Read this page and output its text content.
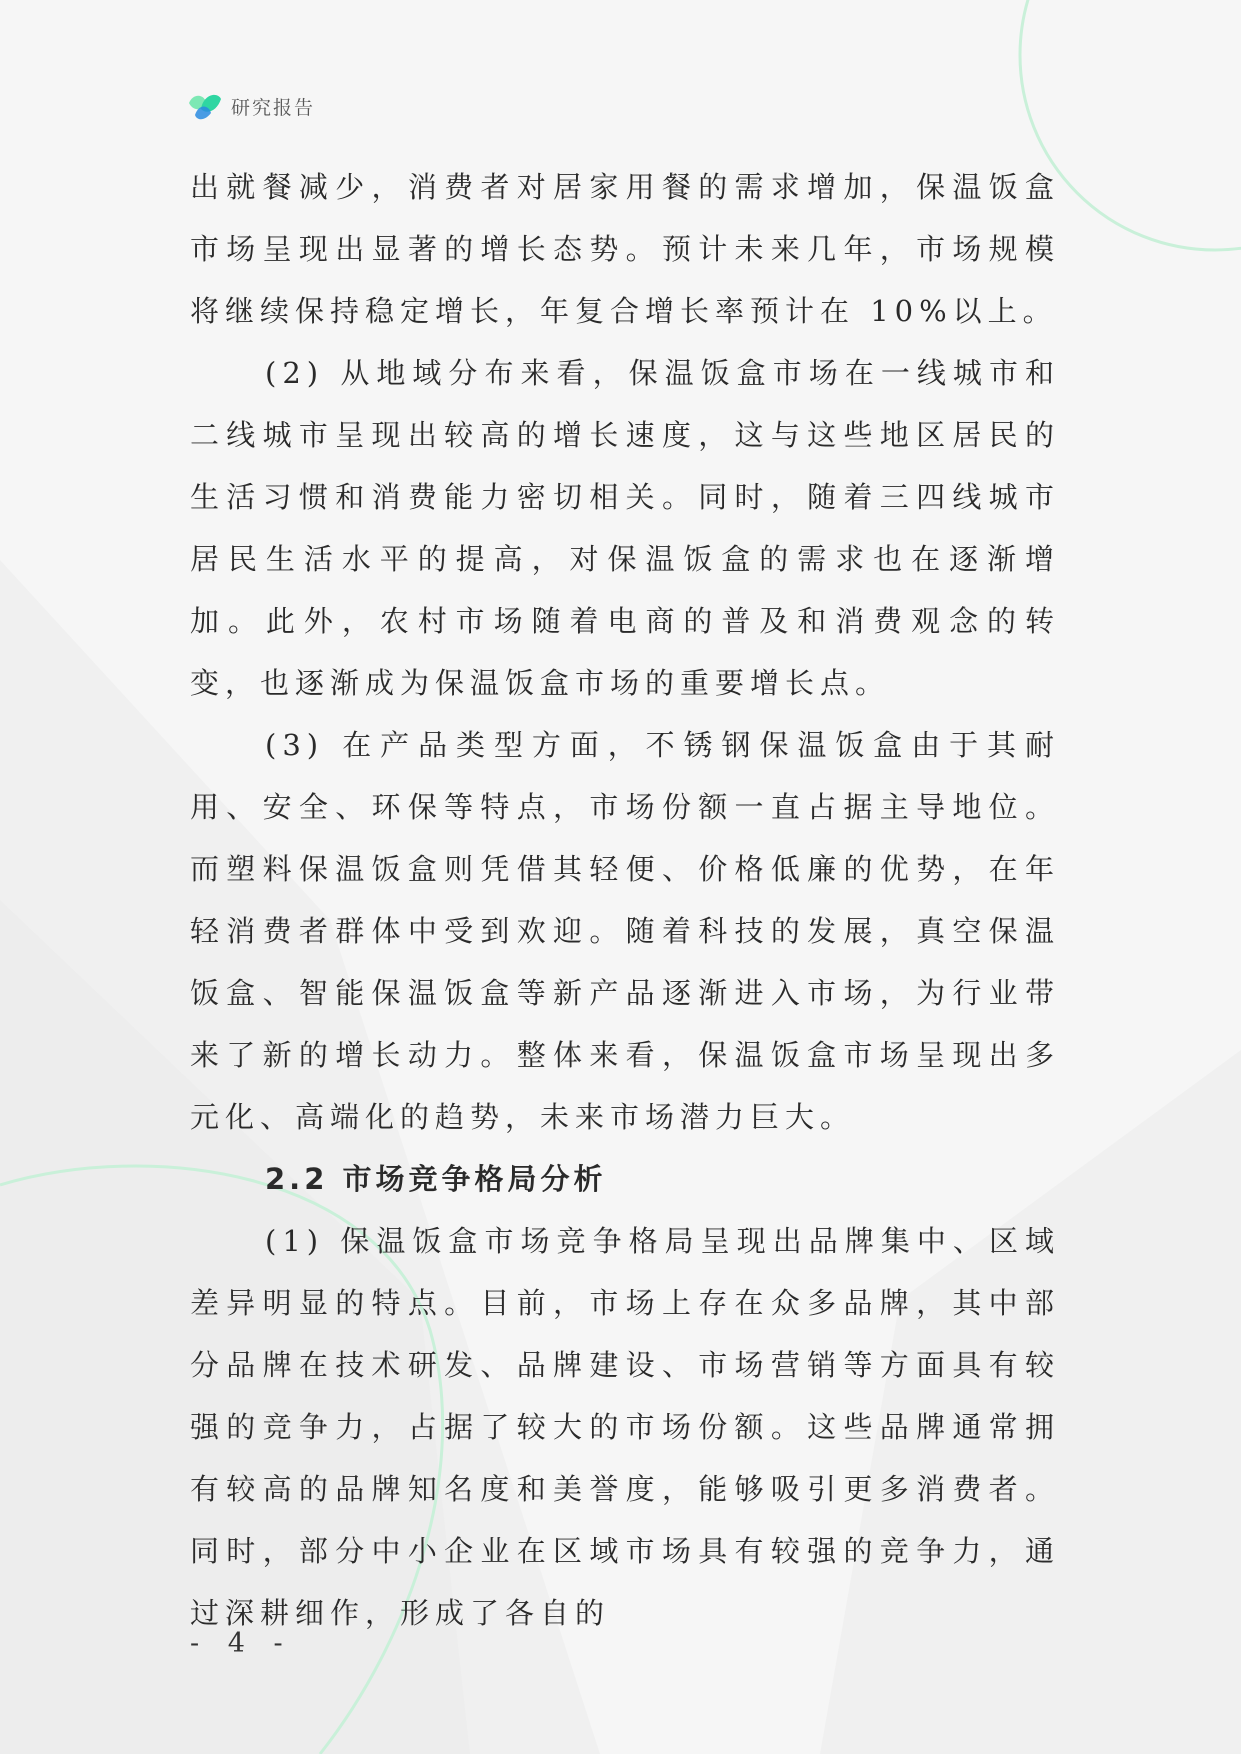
研究报告

出就餐减少，消费者对居家用餐的需求增加，保温饭盒市场呈现出显著的增长态势。预计未来几年，市场规模将继续保持稳定增长，年复合增长率预计在 10%以上。

(2) 从地域分布来看，保温饭盒市场在一线城市和二线城市呈现出较高的增长速度，这与这些地区居民的生活习惯和消费能力密切相关。同时，随着三四线城市居民生活水平的提高，对保温饭盒的需求也在逐渐增加。此外，农村市场随着电商的普及和消费观念的转变，也逐渐成为保温饭盒市场的重要增长点。

(3) 在产品类型方面，不锈钢保温饭盒由于其耐用、安全、环保等特点，市场份额一直占据主导地位。而塑料保温饭盒则凭借其轻便、价格低廉的优势，在年轻消费者群体中受到欢迎。随着科技的发展，真空保温饭盒、智能保温饭盒等新产品逐渐进入市场，为行业带来了新的增长动力。整体来看，保温饭盒市场呈现出多元化、高端化的趋势，未来市场潜力巨大。

2.2 市场竞争格局分析

(1) 保温饭盒市场竞争格局呈现出品牌集中、区域差异明显的特点。目前，市场上存在众多品牌，其中部分品牌在技术研发、品牌建设、市场营销等方面具有较强的竞争力，占据了较大的市场份额。这些品牌通常拥有较高的品牌知名度和美誉度，能够吸引更多消费者。同时，部分中小企业在区域市场具有较强的竞争力，通过深耕细作，形成了各自的

- 4 -
